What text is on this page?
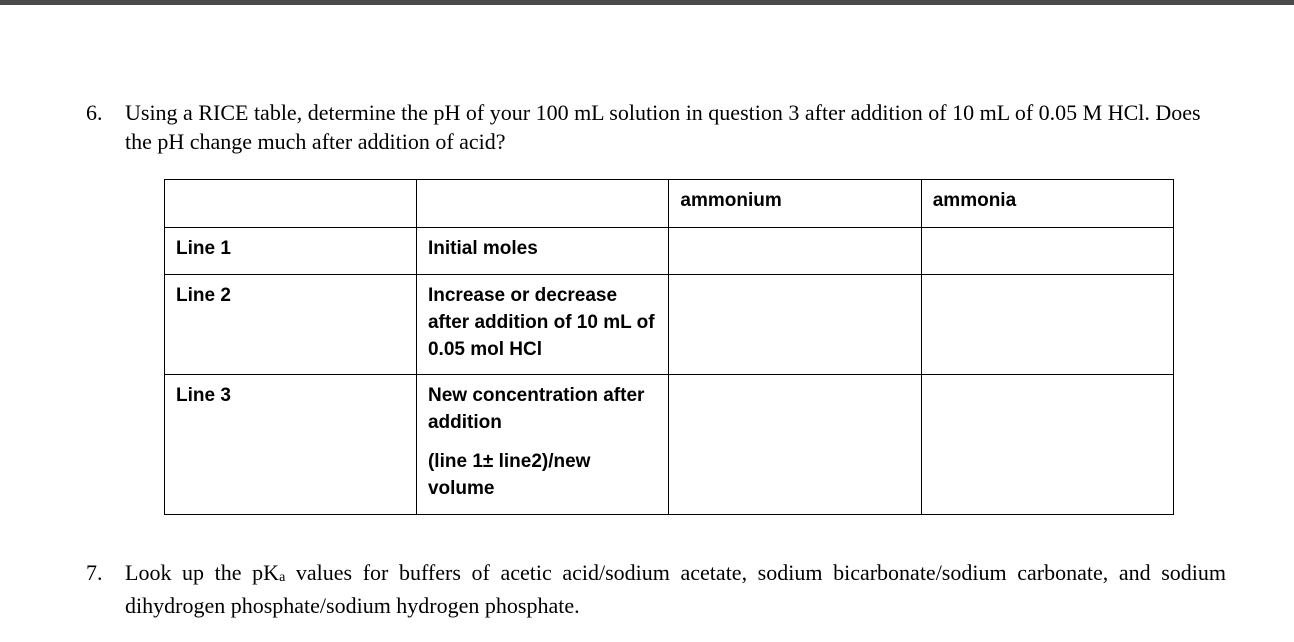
6. Using a RICE table, determine the pH of your 100 mL solution in question 3 after addition of 10 mL of 0.05 M HCl. Does the pH change much after addition of acid?
		ammonium	ammonia
Line 1	Initial moles		
Line 2	Increase or decrease after addition of 10 mL of 0.05 mol HCl		
Line 3	New concentration after addition
(line 1± line2)/new volume		
7. Look up the $pK_a$ values for buffers of acetic acid/sodium acetate, sodium bicarbonate/sodium carbonate, and sodium dihydrogen phosphate/sodium hydrogen phosphate.
